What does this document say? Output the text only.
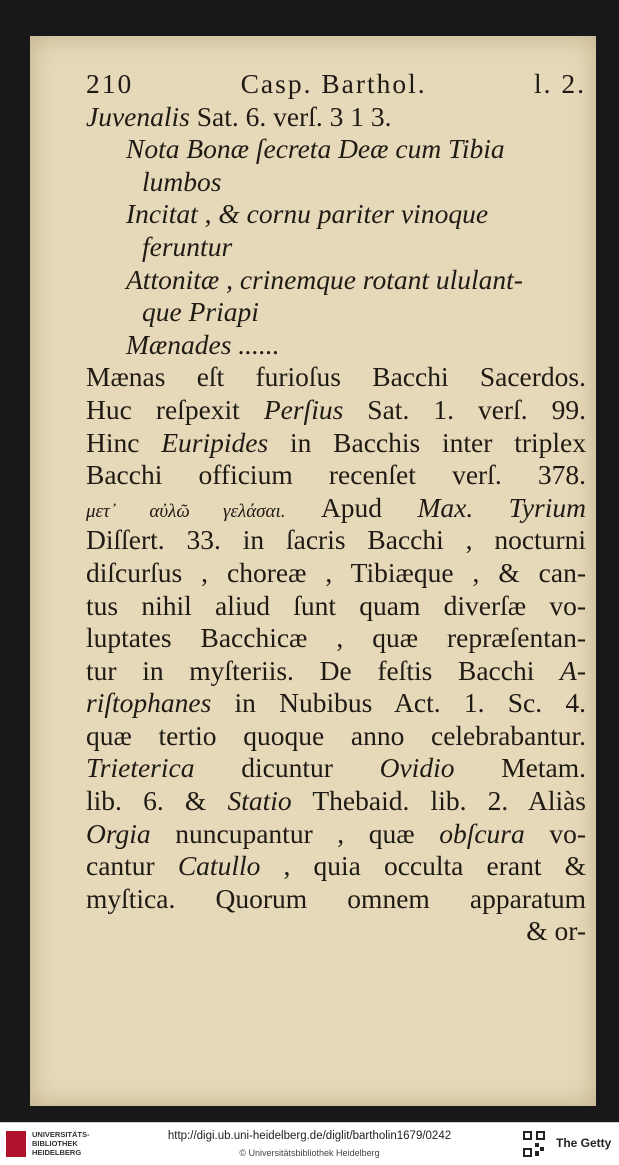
210	Casp. Barthol.	l. 2.
Juvenalis Sat. 6. verſ. 3 1 3.
Nota Bonæ ſecreta Deæ cum Tibia
lumbos
Incitat , & cornu pariter vinoque
feruntur
Attonitæ , crinemque rotant ululant-
que Priapi
Mænades ......
Mænas eſt furioſus Bacchi Sacerdos.
Huc reſpexit Perſius Sat. 1. verſ. 99.
Hinc Euripides in Bacchis inter triplex
Bacchi officium recenſet verſ. 378.
μετ᾽ αὐλῶ γελάσαι. Apud Max. Tyrium
Diſſert. 33. in ſacris Bacchi , nocturni
diſcurſus , choreæ , Tibiæque , & can-
tus nihil aliud ſunt quam diverſæ vo-
luptates Bacchicæ , quæ repræſentan-
tur in myſteriis. De feſtis Bacchi A-
riſtophanes in Nubibus Act. 1. Sc. 4.
quæ tertio quoque anno celebrabantur.
Trieterica dicuntur Ovidio Metam.
lib. 6. & Statio Thebaid. lib. 2. Aliàs
Orgia nuncupantur , quæ obſcura vo-
cantur Catullo , quia occulta erant &
myſtica. Quorum omnem apparatum
& or-
UNIVERSITÄTS-BIBLIOTHEK HEIDELBERG
http://digi.ub.uni-heidelberg.de/diglit/bartholin1679/0242
© Universitätsbibliothek Heidelberg
The Getty
